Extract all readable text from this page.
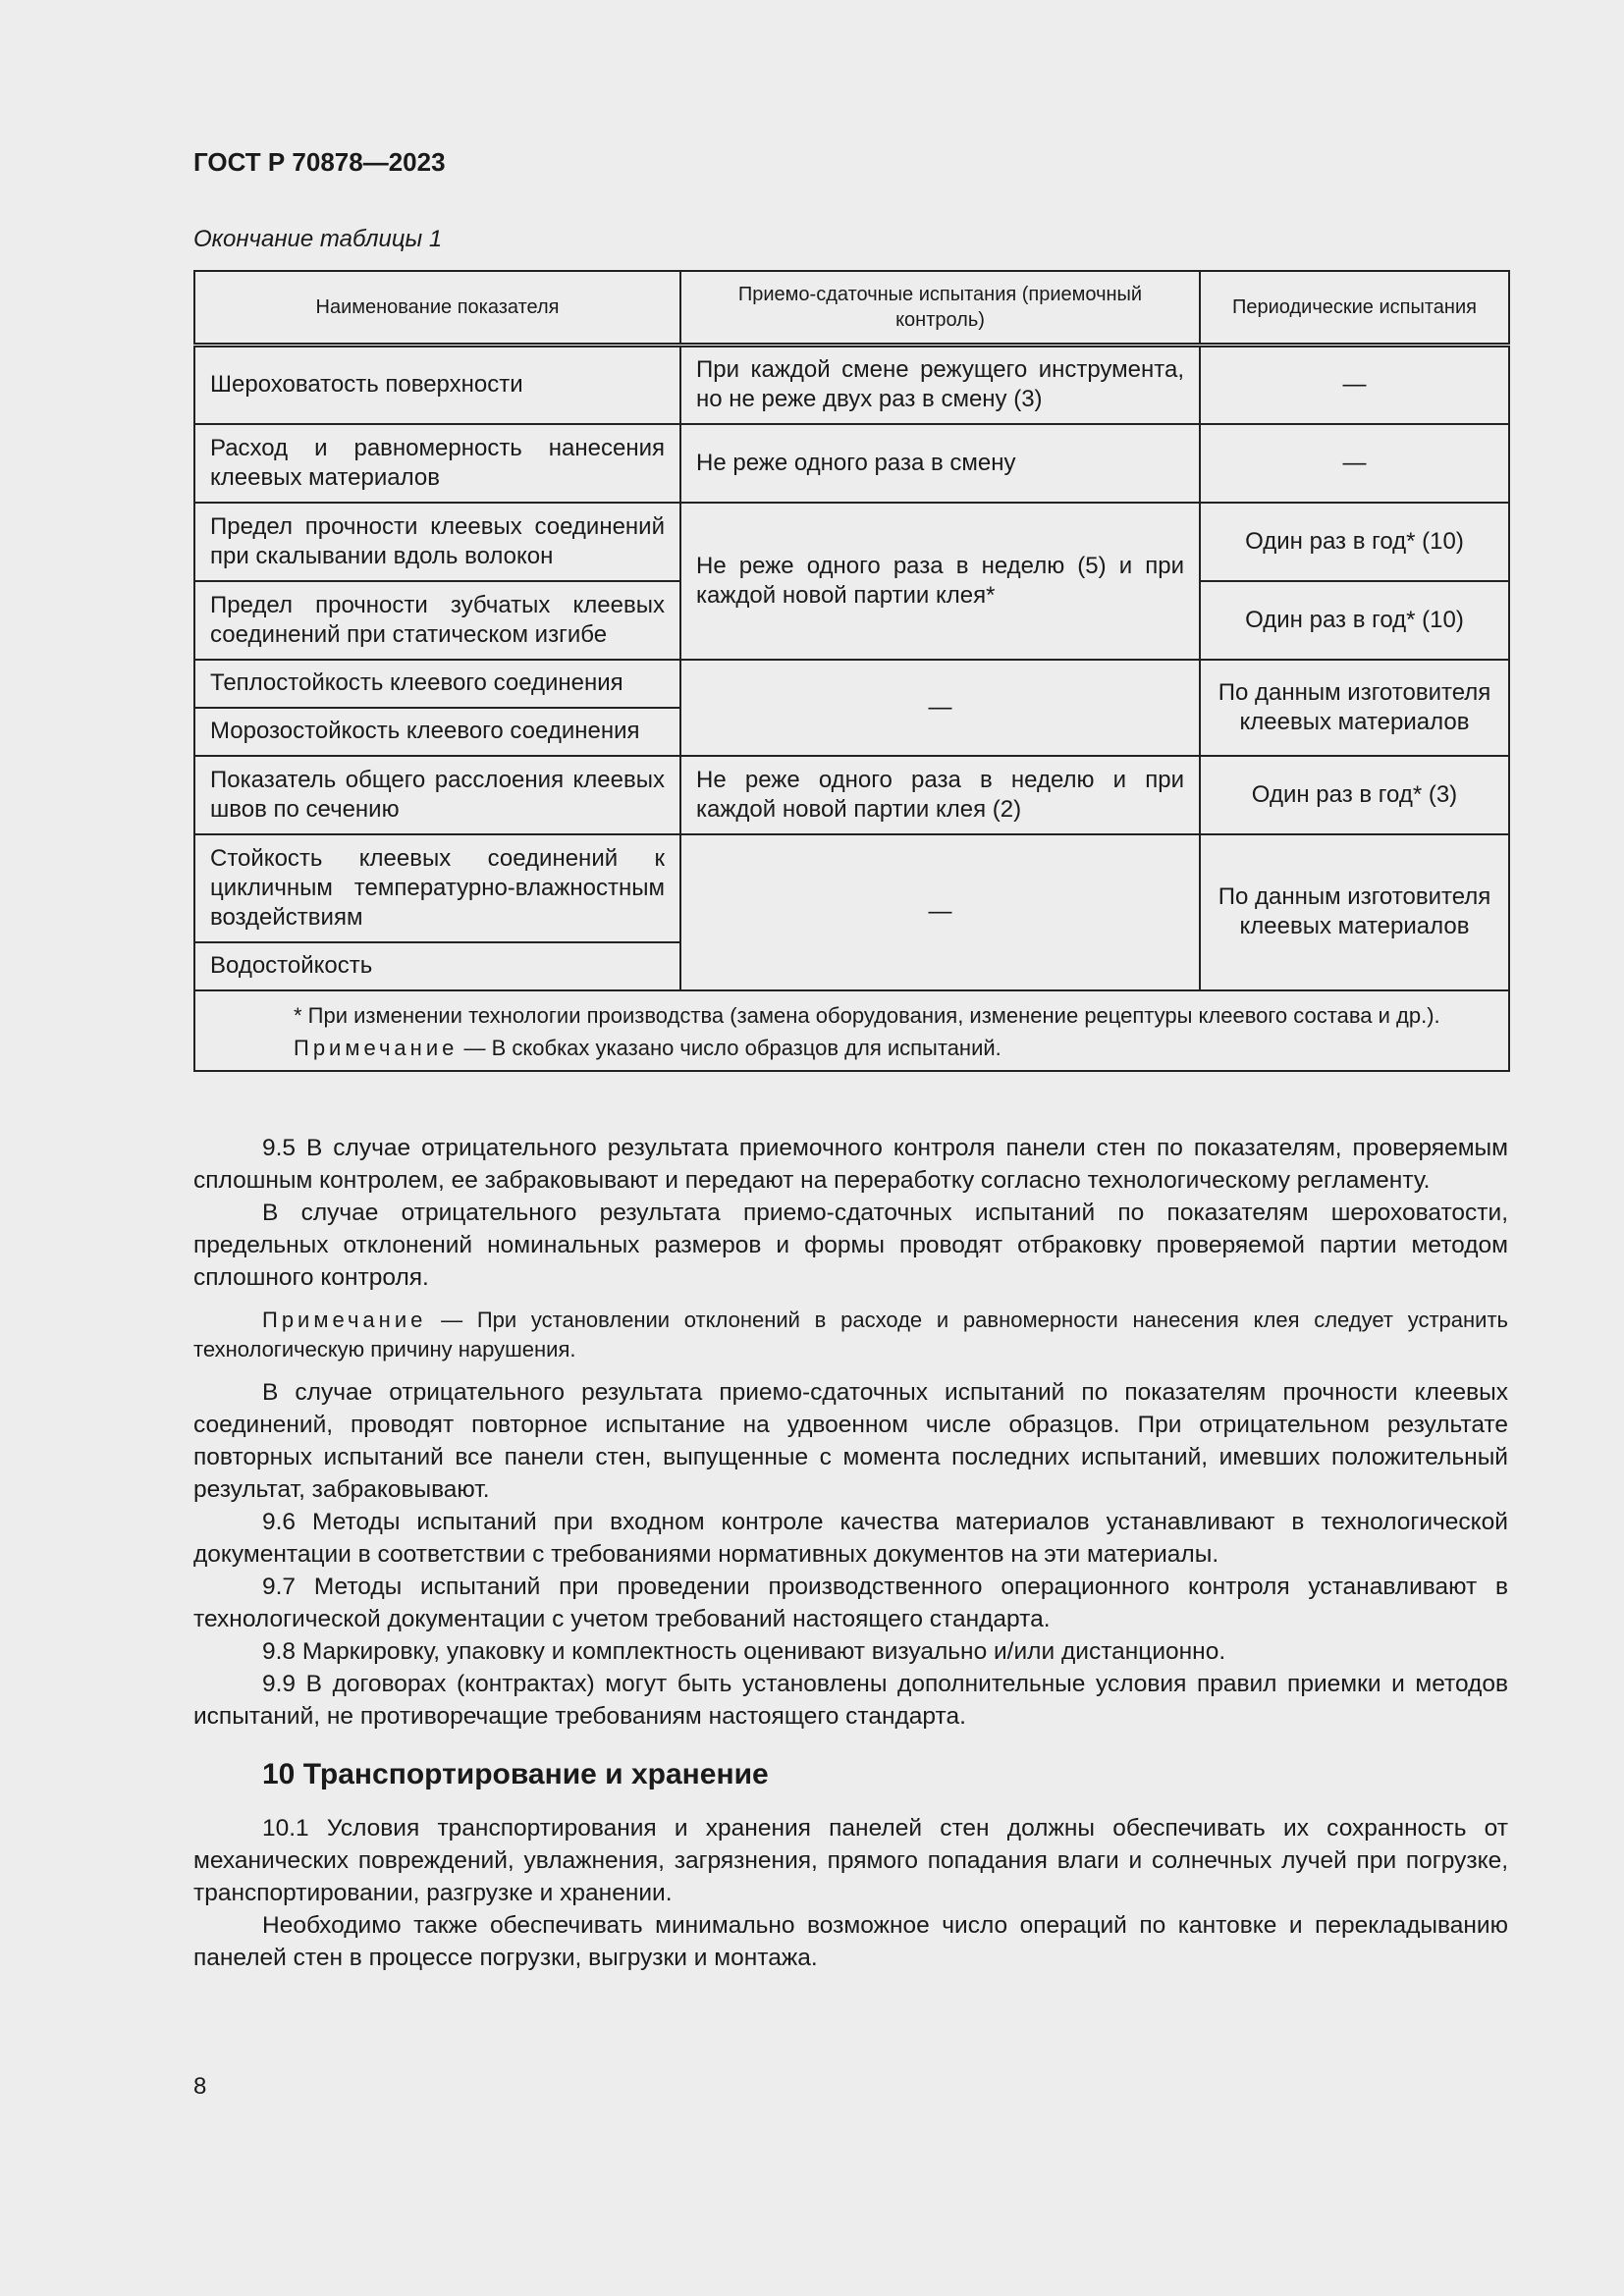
ГОСТ Р 70878—2023
Окончание таблицы 1
Наименование показателя	Приемо-сдаточные испытания (приемочный контроль)	Периодические испытания
Шероховатость поверхности	При каждой смене режущего инструмента, но не реже двух раз в смену (3)	—
Расход и равномерность нанесения клеевых материалов	Не реже одного раза в смену	—
Предел прочности клеевых соединений при скалывании вдоль волокон	Не реже одного раза в неделю (5) и при каждой новой партии клея*	Один раз в год* (10)
Предел прочности зубчатых клеевых соединений при статическом изгибе		Один раз в год* (10)
Теплостойкость клеевого соединения	—	По данным изготовителя клеевых материалов
Морозостойкость клеевого соединения		
Показатель общего расслоения клеевых швов по сечению	Не реже одного раза в неделю и при каждой новой партии клея (2)	Один раз в год* (3)
Стойкость клеевых соединений к цикличным температурно-влажностным воздействиям	—	По данным изготовителя клеевых материалов
Водостойкость		

* При изменении технологии производства (замена оборудования, изменение рецептуры клеевого состава и др.).
Примечание — В скобках указано число образцов для испытаний.		

9.5 В случае отрицательного результата приемочного контроля панели стен по показателям, проверяемым сплошным контролем, ее забраковывают и передают на переработку согласно технологическому регламенту.

В случае отрицательного результата приемо-сдаточных испытаний по показателям шероховатости, предельных отклонений номинальных размеров и формы проводят отбраковку проверяемой партии методом сплошного контроля.

Примечание — При установлении отклонений в расходе и равномерности нанесения клея следует устранить технологическую причину нарушения.

В случае отрицательного результата приемо-сдаточных испытаний по показателям прочности клеевых соединений, проводят повторное испытание на удвоенном числе образцов. При отрицательном результате повторных испытаний все панели стен, выпущенные с момента последних испытаний, имевших положительный результат, забраковывают.

9.6 Методы испытаний при входном контроле качества материалов устанавливают в технологической документации в соответствии с требованиями нормативных документов на эти материалы.

9.7 Методы испытаний при проведении производственного операционного контроля устанавливают в технологической документации с учетом требований настоящего стандарта.

9.8 Маркировку, упаковку и комплектность оценивают визуально и/или дистанционно.

9.9 В договорах (контрактах) могут быть установлены дополнительные условия правил приемки и методов испытаний, не противоречащие требованиям настоящего стандарта.

10 Транспортирование и хранение

10.1 Условия транспортирования и хранения панелей стен должны обеспечивать их сохранность от механических повреждений, увлажнения, загрязнения, прямого попадания влаги и солнечных лучей при погрузке, транспортировании, разгрузке и хранении.

Необходимо также обеспечивать минимально возможное число операций по кантовке и перекладыванию панелей стен в процессе погрузки, выгрузки и монтажа.

8
